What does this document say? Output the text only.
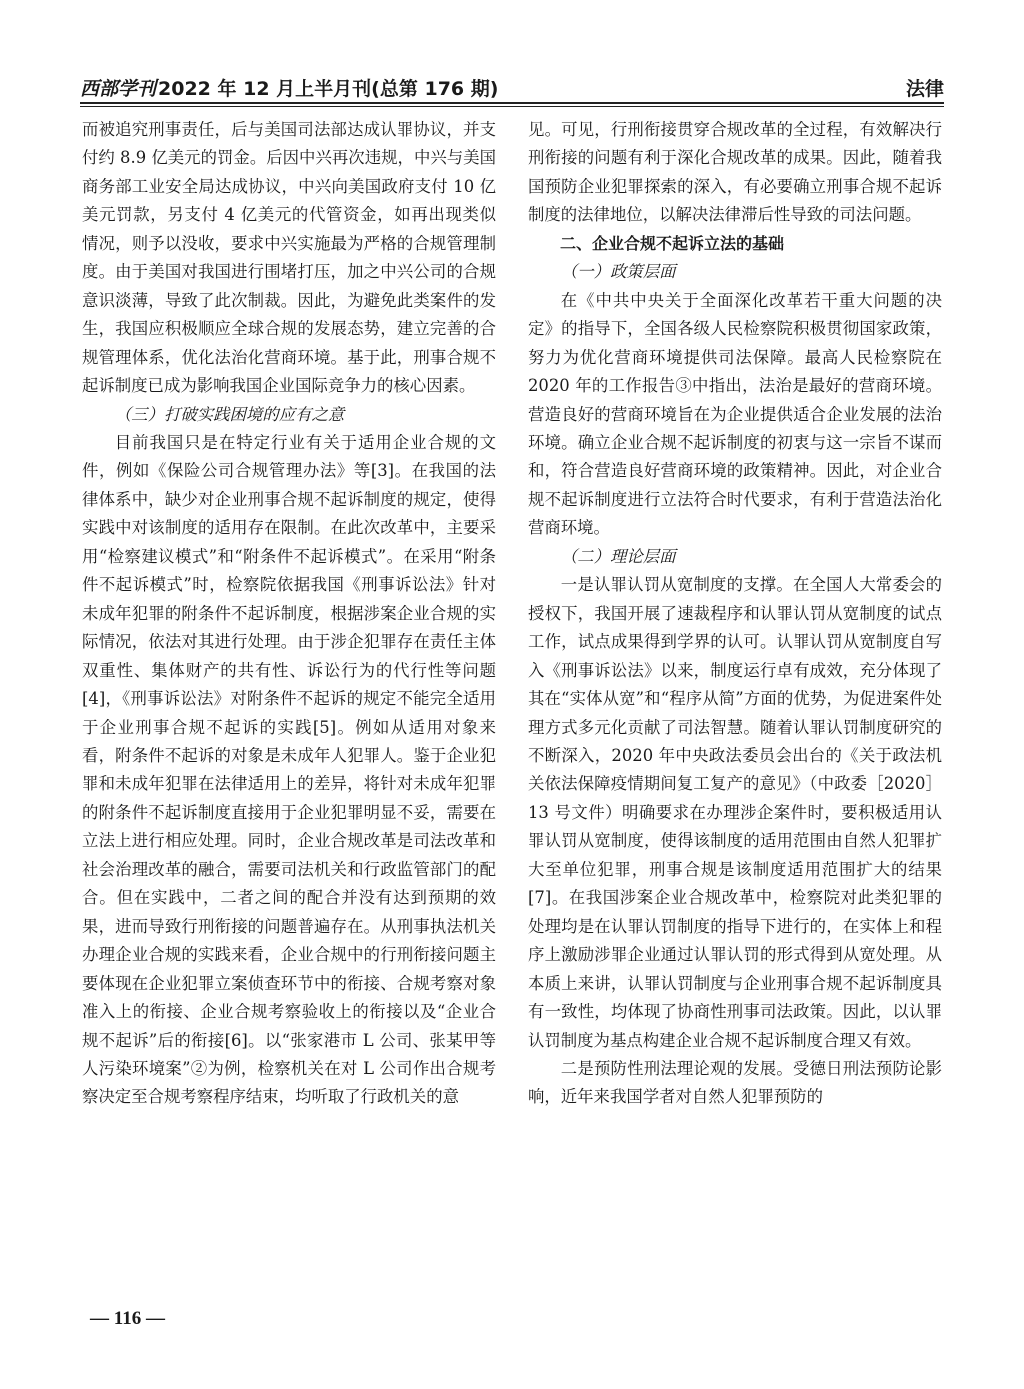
西部学刊 2022 年 12 月上半月刊(总第 176 期)	法律

而被追究刑事责任，后与美国司法部达成认罪协议，并支付约 8.9 亿美元的罚金。后因中兴再次违规，中兴与美国商务部工业安全局达成协议，中兴向美国政府支付 10 亿美元罚款，另支付 4 亿美元的代管资金，如再出现类似情况，则予以没收，要求中兴实施最为严格的合规管理制度。由于美国对我国进行围堵打压，加之中兴公司的合规意识淡薄，导致了此次制裁。因此，为避免此类案件的发生，我国应积极顺应全球合规的发展态势，建立完善的合规管理体系，优化法治化营商环境。基于此，刑事合规不起诉制度已成为影响我国企业国际竞争力的核心因素。

（三）打破实践困境的应有之意

目前我国只是在特定行业有关于适用企业合规的文件，例如《保险公司合规管理办法》等[3]。在我国的法律体系中，缺少对企业刑事合规不起诉制度的规定，使得实践中对该制度的适用存在限制。在此次改革中，主要采用“检察建议模式”和“附条件不起诉模式”。在采用“附条件不起诉模式”时，检察院依据我国《刑事诉讼法》针对未成年犯罪的附条件不起诉制度，根据涉案企业合规的实际情况，依法对其进行处理。由于涉企犯罪存在责任主体双重性、集体财产的共有性、诉讼行为的代行性等问题[4]，《刑事诉讼法》对附条件不起诉的规定不能完全适用于企业刑事合规不起诉的实践[5]。例如从适用对象来看，附条件不起诉的对象是未成年人犯罪人。鉴于企业犯罪和未成年犯罪在法律适用上的差异，将针对未成年犯罪的附条件不起诉制度直接用于企业犯罪明显不妥，需要在立法上进行相应处理。同时，企业合规改革是司法改革和社会治理改革的融合，需要司法机关和行政监管部门的配合。但在实践中，二者之间的配合并没有达到预期的效果，进而导致行刑衔接的问题普遍存在。从刑事执法机关办理企业合规的实践来看，企业合规中的行刑衔接问题主要体现在企业犯罪立案侦查环节中的衔接、合规考察对象准入上的衔接、企业合规考察验收上的衔接以及“企业合规不起诉”后的衔接[6]。以“张家港市 L 公司、张某甲等人污染环境案”②为例，检察机关在对 L 公司作出合规考察决定至合规考察程序结束，均听取了行政机关的意

见。可见，行刑衔接贯穿合规改革的全过程，有效解决行刑衔接的问题有利于深化合规改革的成果。因此，随着我国预防企业犯罪探索的深入，有必要确立刑事合规不起诉制度的法律地位，以解决法律滞后性导致的司法问题。

二、企业合规不起诉立法的基础

（一）政策层面

在《中共中央关于全面深化改革若干重大问题的决定》的指导下，全国各级人民检察院积极贯彻国家政策，努力为优化营商环境提供司法保障。最高人民检察院在 2020 年的工作报告③中指出，法治是最好的营商环境。营造良好的营商环境旨在为企业提供适合企业发展的法治环境。确立企业合规不起诉制度的初衷与这一宗旨不谋而和，符合营造良好营商环境的政策精神。因此，对企业合规不起诉制度进行立法符合时代要求，有利于营造法治化营商环境。

（二）理论层面

一是认罪认罚从宽制度的支撑。在全国人大常委会的授权下，我国开展了速裁程序和认罪认罚从宽制度的试点工作，试点成果得到学界的认可。认罪认罚从宽制度自写入《刑事诉讼法》以来，制度运行卓有成效，充分体现了其在“实体从宽”和“程序从简”方面的优势，为促进案件处理方式多元化贡献了司法智慧。随着认罪认罚制度研究的不断深入，2020 年中央政法委员会出台的《关于政法机关依法保障疫情期间复工复产的意见》（中政委［2020］13 号文件）明确要求在办理涉企案件时，要积极适用认罪认罚从宽制度，使得该制度的适用范围由自然人犯罪扩大至单位犯罪，刑事合规是该制度适用范围扩大的结果[7]。在我国涉案企业合规改革中，检察院对此类犯罪的处理均是在认罪认罚制度的指导下进行的，在实体上和程序上激励涉罪企业通过认罪认罚的形式得到从宽处理。从本质上来讲，认罪认罚制度与企业刑事合规不起诉制度具有一致性，均体现了协商性刑事司法政策。因此，以认罪认罚制度为基点构建企业合规不起诉制度合理又有效。

二是预防性刑法理论观的发展。受德日刑法预防论影响，近年来我国学者对自然人犯罪预防的

— 116 —
